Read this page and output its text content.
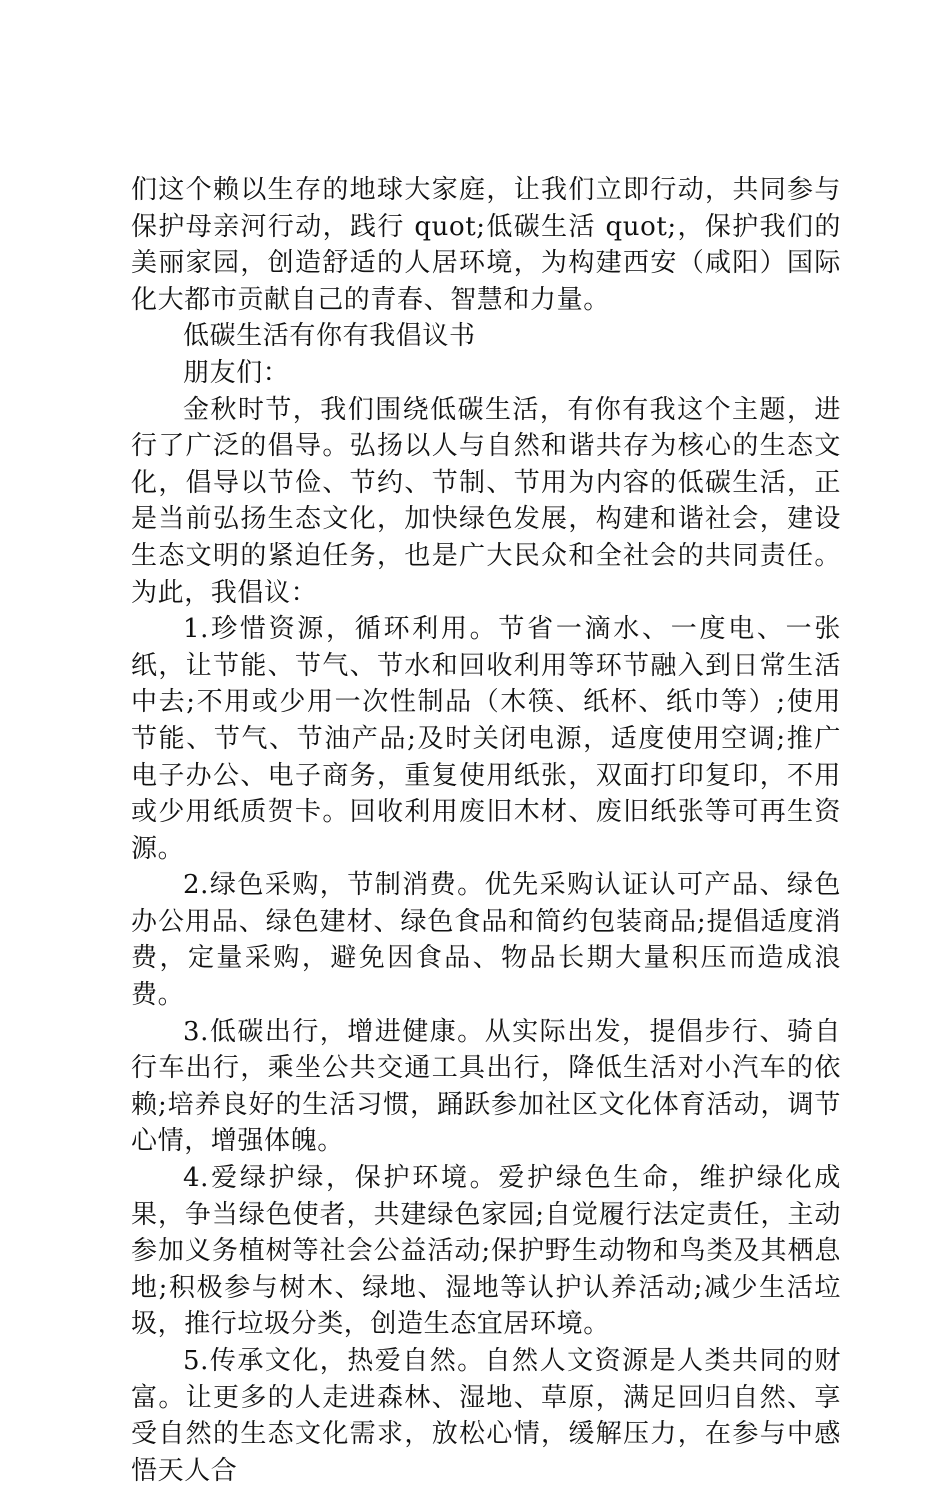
们这个赖以生存的地球大家庭，让我们立即行动，共同参与保护母亲河行动，践行 quot;低碳生活 quot;，保护我们的美丽家园，创造舒适的人居环境，为构建西安（咸阳）国际化大都市贡献自己的青春、智慧和力量。

低碳生活有你有我倡议书

朋友们：

金秋时节，我们围绕低碳生活，有你有我这个主题，进行了广泛的倡导。弘扬以人与自然和谐共存为核心的生态文化，倡导以节俭、节约、节制、节用为内容的低碳生活，正是当前弘扬生态文化，加快绿色发展，构建和谐社会，建设生态文明的紧迫任务，也是广大民众和全社会的共同责任。为此，我倡议：

1.珍惜资源，循环利用。节省一滴水、一度电、一张纸，让节能、节气、节水和回收利用等环节融入到日常生活中去;不用或少用一次性制品（木筷、纸杯、纸巾等）;使用节能、节气、节油产品;及时关闭电源，适度使用空调;推广电子办公、电子商务，重复使用纸张，双面打印复印，不用或少用纸质贺卡。回收利用废旧木材、废旧纸张等可再生资源。

2.绿色采购，节制消费。优先采购认证认可产品、绿色办公用品、绿色建材、绿色食品和简约包装商品;提倡适度消费，定量采购，避免因食品、物品长期大量积压而造成浪费。

3.低碳出行，增进健康。从实际出发，提倡步行、骑自行车出行，乘坐公共交通工具出行，降低生活对小汽车的依赖;培养良好的生活习惯，踊跃参加社区文化体育活动，调节心情，增强体魄。

4.爱绿护绿，保护环境。爱护绿色生命，维护绿化成果，争当绿色使者，共建绿色家园;自觉履行法定责任，主动参加义务植树等社会公益活动;保护野生动物和鸟类及其栖息地;积极参与树木、绿地、湿地等认护认养活动;减少生活垃圾，推行垃圾分类，创造生态宜居环境。

5.传承文化，热爱自然。自然人文资源是人类共同的财富。让更多的人走进森林、湿地、草原，满足回归自然、享受自然的生态文化需求，放松心情，缓解压力，在参与中感悟天人合
